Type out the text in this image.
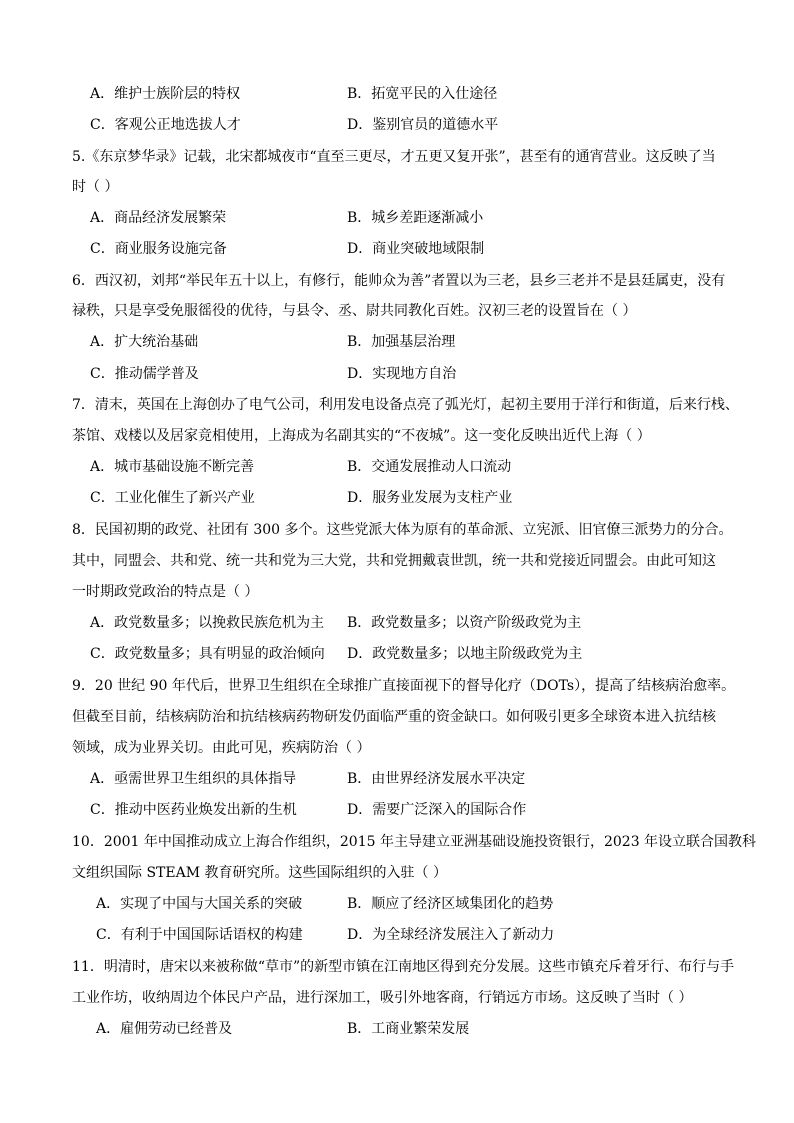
A．维护士族阶层的特权	B．拓宽平民的入仕途径
C．客观公正地选拔人才	D．鉴别官员的道德水平
5.《东京梦华录》记载，北宋都城夜市“直至三更尽，才五更又复开张”，甚至有的通宵营业。这反映了当
时（ ）
A．商品经济发展繁荣	B．城乡差距逐渐减小
C．商业服务设施完备	D．商业突破地域限制
6．西汉初，刘邦“举民年五十以上，有修行，能帅众为善”者置以为三老，县乡三老并不是县廷属吏，没有
禄秩，只是享受免服徭役的优待，与县令、丞、尉共同教化百姓。汉初三老的设置旨在（ ）
A．扩大统治基础	B．加强基层治理
C．推动儒学普及	D．实现地方自治
7．清末，英国在上海创办了电气公司，利用发电设备点亮了弧光灯，起初主要用于洋行和街道，后来行栈、
茶馆、戏楼以及居家竞相使用，上海成为名副其实的“不夜城”。这一变化反映出近代上海（ ）
A．城市基础设施不断完善	B．交通发展推动人口流动
C．工业化催生了新兴产业	D．服务业发展为支柱产业
8．民国初期的政党、社团有 300 多个。这些党派大体为原有的革命派、立宪派、旧官僚三派势力的分合。
其中，同盟会、共和党、统一共和党为三大党，共和党拥戴袁世凯，统一共和党接近同盟会。由此可知这
一时期政党政治的特点是（ ）
A．政党数量多；以挽救民族危机为主 B．政党数量多；以资产阶级政党为主
C．政党数量多；具有明显的政治倾向 D．政党数量多；以地主阶级政党为主
9．20 世纪 90 年代后，世界卫生组织在全球推广直接面视下的督导化疗（DOTs），提高了结核病治愈率。
但截至目前，结核病防治和抗结核病药物研发仍面临严重的资金缺口。如何吸引更多全球资本进入抗结核
领域，成为业界关切。由此可见，疾病防治（ ）
A．亟需世界卫生组织的具体指导	B．由世界经济发展水平决定
C．推动中医药业焕发出新的生机	D．需要广泛深入的国际合作
10．2001 年中国推动成立上海合作组织，2015 年主导建立亚洲基础设施投资银行，2023 年设立联合国教科
文组织国际 STEAM 教育研究所。这些国际组织的入驻（ ）
A．实现了中国与大国关系的突破	B．顺应了经济区域集团化的趋势
C．有利于中国国际话语权的构建	D．为全球经济发展注入了新动力
11．明清时，唐宋以来被称做“草市”的新型市镇在江南地区得到充分发展。这些市镇充斥着牙行、布行与手
工业作坊，收纳周边个体民户产品，进行深加工，吸引外地客商，行销远方市场。这反映了当时（ ）
A．雇佣劳动已经普及	B．工商业繁荣发展
